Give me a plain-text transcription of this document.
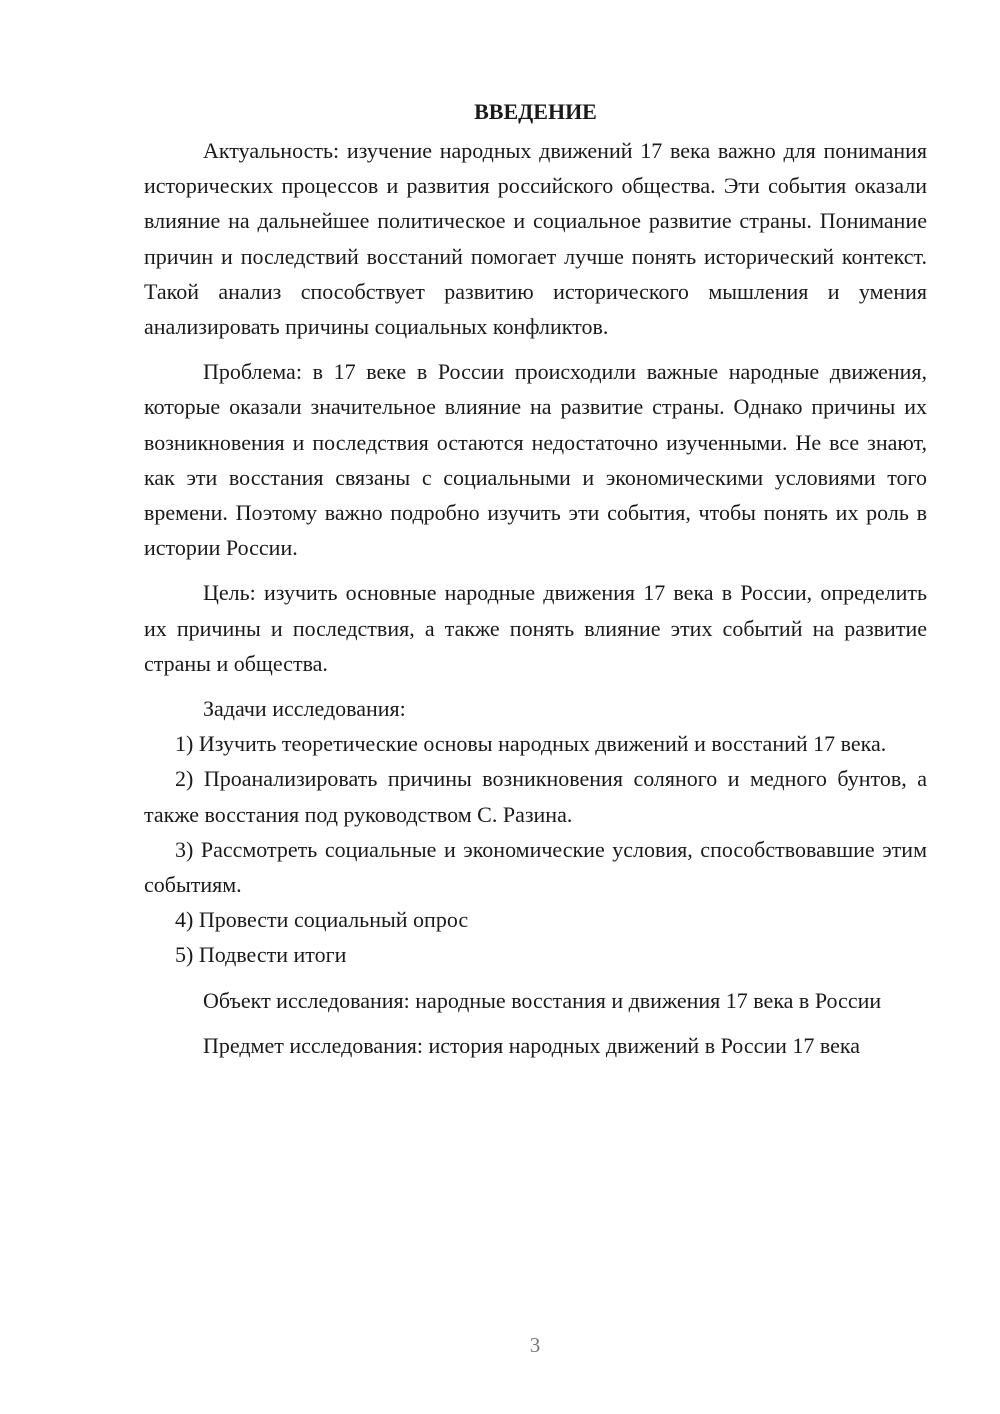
ВВЕДЕНИЕ

Актуальность: изучение народных движений 17 века важно для понимания исторических процессов и развития российского общества. Эти события оказали влияние на дальнейшее политическое и социальное развитие страны. Понимание причин и последствий восстаний помогает лучше понять исторический контекст. Такой анализ способствует развитию исторического мышления и умения анализировать причины социальных конфликтов.

Проблема: в 17 веке в России происходили важные народные движения, которые оказали значительное влияние на развитие страны. Однако причины их возникновения и последствия остаются недостаточно изученными. Не все знают, как эти восстания связаны с социальными и экономическими условиями того времени. Поэтому важно подробно изучить эти события, чтобы понять их роль в истории России.

Цель: изучить основные народные движения 17 века в России, определить их причины и последствия, а также понять влияние этих событий на развитие страны и общества.

Задачи исследования:

1) Изучить теоретические основы народных движений и восстаний 17 века.

2) Проанализировать причины возникновения соляного и медного бунтов, а также восстания под руководством С. Разина.

3) Рассмотреть социальные и экономические условия, способствовавшие этим событиям.

4) Провести социальный опрос

5) Подвести итоги

Объект исследования: народные восстания и движения 17 века в России

Предмет исследования: история народных движений в России 17 века

3
